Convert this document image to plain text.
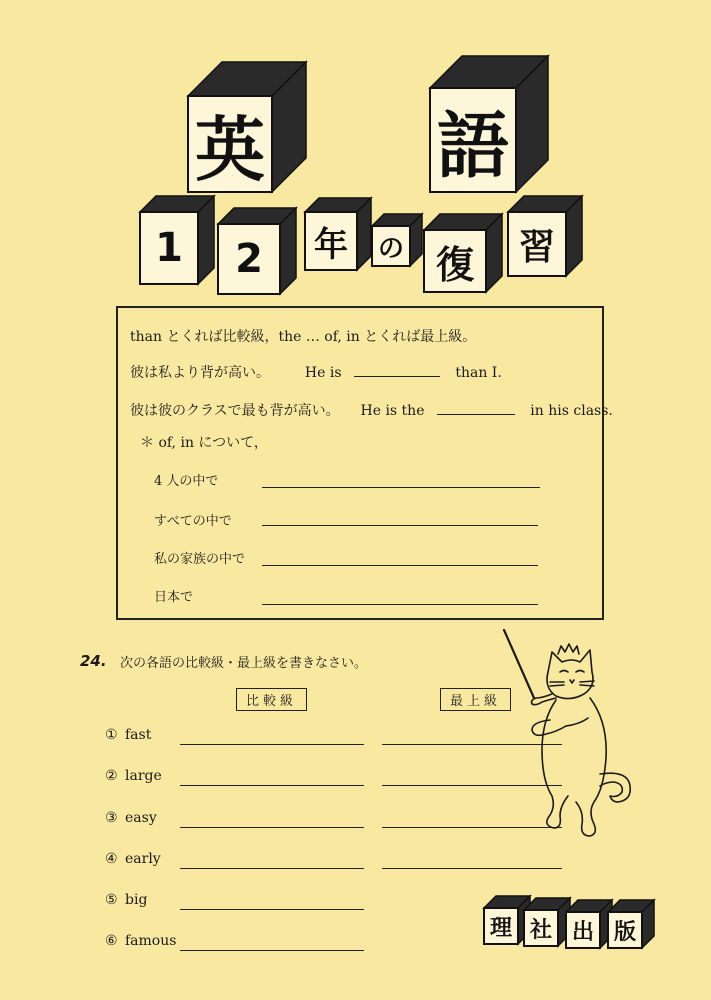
英 語
1	2	年	の 復	習
than とくれば比較級，the … of, in とくれば最上級。
彼は私より背が高い。 He is	than I.
彼は彼のクラスで最も背が高い。 He is the	in his class.
＊ of, in について，
4 人の中で
すべての中で
私の家族の中で
日本で
24. 次の各語の比較級・最上級を書きなさい。
比較級	最上級
① fast
② large
③ easy
④ early
⑤ big
⑥ famous
理 社 出 版
